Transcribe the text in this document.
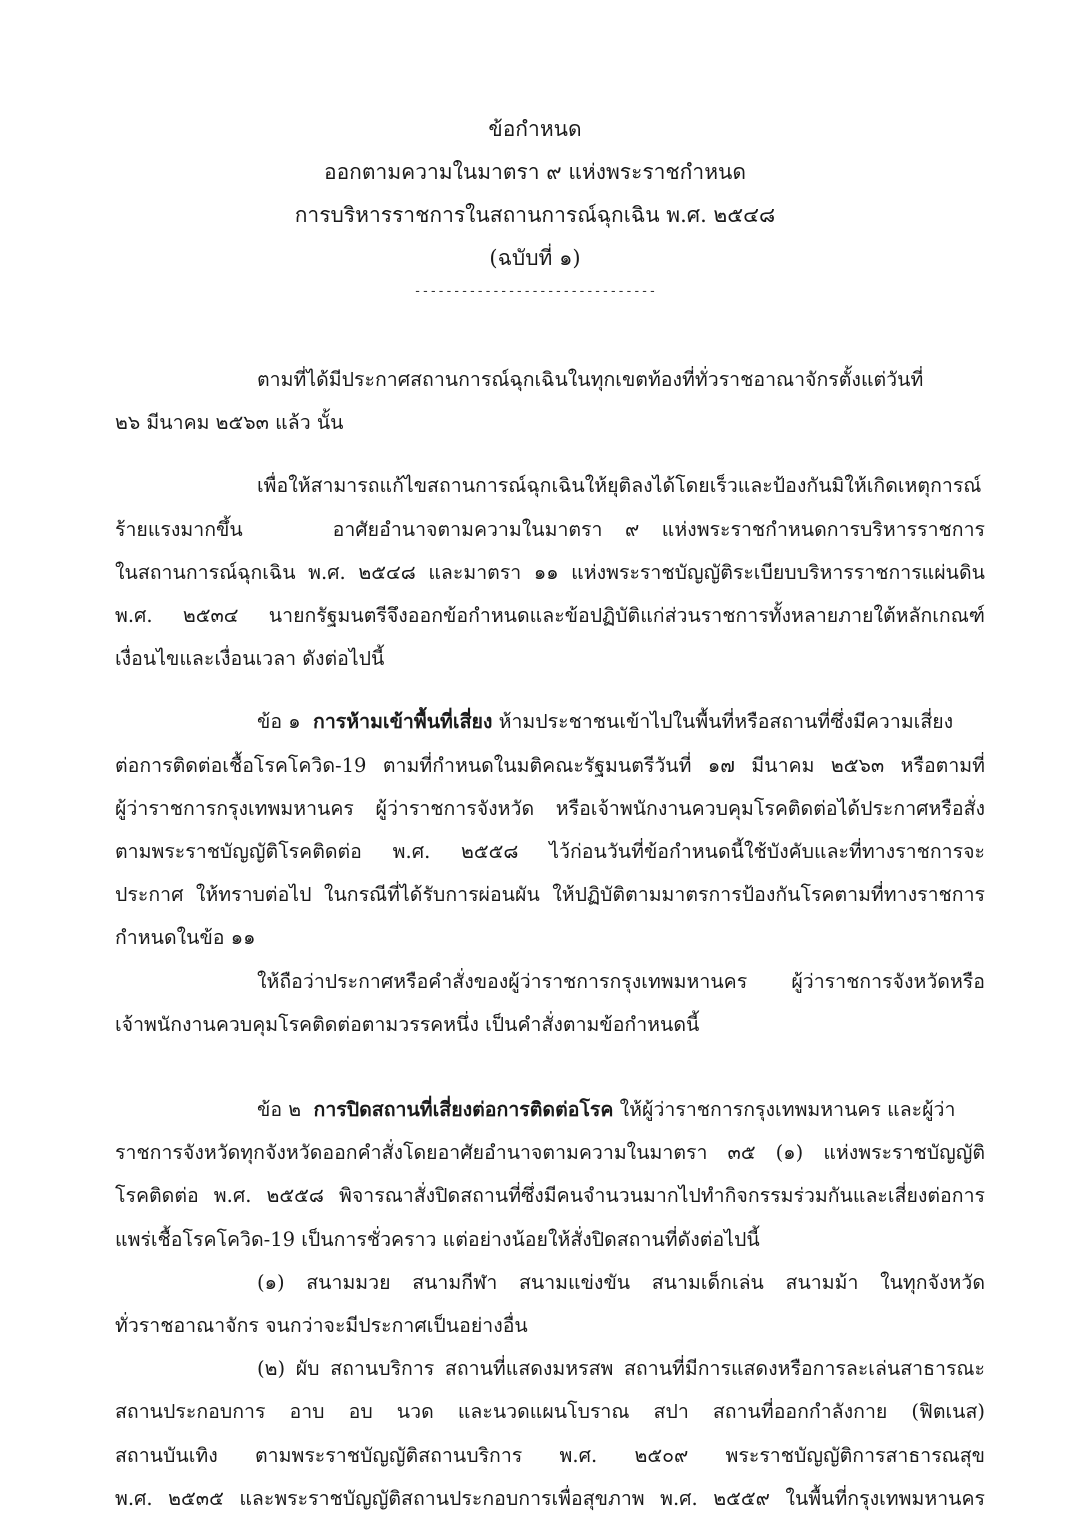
ข้อกำหนด
ออกตามความในมาตรา ๙ แห่งพระราชกำหนด
การบริหารราชการในสถานการณ์ฉุกเฉิน พ.ศ. ๒๕๔๘
(ฉบับที่ ๑)
-------------------------------
ตามที่ได้มีประกาศสถานการณ์ฉุกเฉินในทุกเขตท้องที่ทั่วราชอาณาจักรตั้งแต่วันที่
๒๖ มีนาคม ๒๕๖๓ แล้ว นั้น
เพื่อให้สามารถแก้ไขสถานการณ์ฉุกเฉินให้ยุติลงได้โดยเร็วและป้องกันมิให้เกิดเหตุการณ์
ร้ายแรงมากขึ้น    อาศัยอำนาจตามความในมาตรา ๙ แห่งพระราชกำหนดการบริหารราชการ
ในสถานการณ์ฉุกเฉิน พ.ศ. ๒๕๔๘ และมาตรา ๑๑ แห่งพระราชบัญญัติระเบียบบริหารราชการแผ่นดิน
พ.ศ. ๒๕๓๔ นายกรัฐมนตรีจึงออกข้อกำหนดและข้อปฏิบัติแก่ส่วนราชการทั้งหลายภายใต้หลักเกณฑ์
เงื่อนไขและเงื่อนเวลา ดังต่อไปนี้
ข้อ ๑ การห้ามเข้าพื้นที่เสี่ยง ห้ามประชาชนเข้าไปในพื้นที่หรือสถานที่ซึ่งมีความเสี่ยง
ต่อการติดต่อเชื้อโรคโควิด-19 ตามที่กำหนดในมติคณะรัฐมนตรีวันที่ ๑๗ มีนาคม ๒๕๖๓ หรือตามที่
ผู้ว่าราชการกรุงเทพมหานคร ผู้ว่าราชการจังหวัด หรือเจ้าพนักงานควบคุมโรคติดต่อได้ประกาศหรือสั่ง
ตามพระราชบัญญัติโรคติดต่อ พ.ศ. ๒๕๕๘ ไว้ก่อนวันที่ข้อกำหนดนี้ใช้บังคับและที่ทางราชการจะ
ประกาศ ให้ทราบต่อไป ในกรณีที่ได้รับการผ่อนผัน ให้ปฏิบัติตามมาตรการป้องกันโรคตามที่ทางราชการ
กำหนดในข้อ ๑๑
ให้ถือว่าประกาศหรือคำสั่งของผู้ว่าราชการกรุงเทพมหานคร ผู้ว่าราชการจังหวัดหรือ
เจ้าพนักงานควบคุมโรคติดต่อตามวรรคหนึ่ง เป็นคำสั่งตามข้อกำหนดนี้
ข้อ ๒ การปิดสถานที่เสี่ยงต่อการติดต่อโรค ให้ผู้ว่าราชการกรุงเทพมหานคร และผู้ว่า
ราชการจังหวัดทุกจังหวัดออกคำสั่งโดยอาศัยอำนาจตามความในมาตรา ๓๕ (๑) แห่งพระราชบัญญัติ
โรคติดต่อ พ.ศ. ๒๕๕๘ พิจารณาสั่งปิดสถานที่ซึ่งมีคนจำนวนมากไปทำกิจกรรมร่วมกันและเสี่ยงต่อการ
แพร่เชื้อโรคโควิด-19 เป็นการชั่วคราว แต่อย่างน้อยให้สั่งปิดสถานที่ดังต่อไปนี้
(๑) สนามมวย สนามกีฬา สนามแข่งขัน สนามเด็กเล่น สนามม้า ในทุกจังหวัด
ทั่วราชอาณาจักร จนกว่าจะมีประกาศเป็นอย่างอื่น
(๒) ผับ สถานบริการ สถานที่แสดงมหรสพ สถานที่มีการแสดงหรือการละเล่นสาธารณะ
สถานประกอบการ อาบ อบ นวด และนวดแผนโบราณ สปา สถานที่ออกกำลังกาย (ฟิตเนส)
สถานบันเทิง ตามพระราชบัญญัติสถานบริการ พ.ศ. ๒๕๐๙ พระราชบัญญัติการสาธารณสุข
พ.ศ. ๒๕๓๕ และพระราชบัญญัติสถานประกอบการเพื่อสุขภาพ พ.ศ. ๒๕๕๙ ในพื้นที่กรุงเทพมหานคร
